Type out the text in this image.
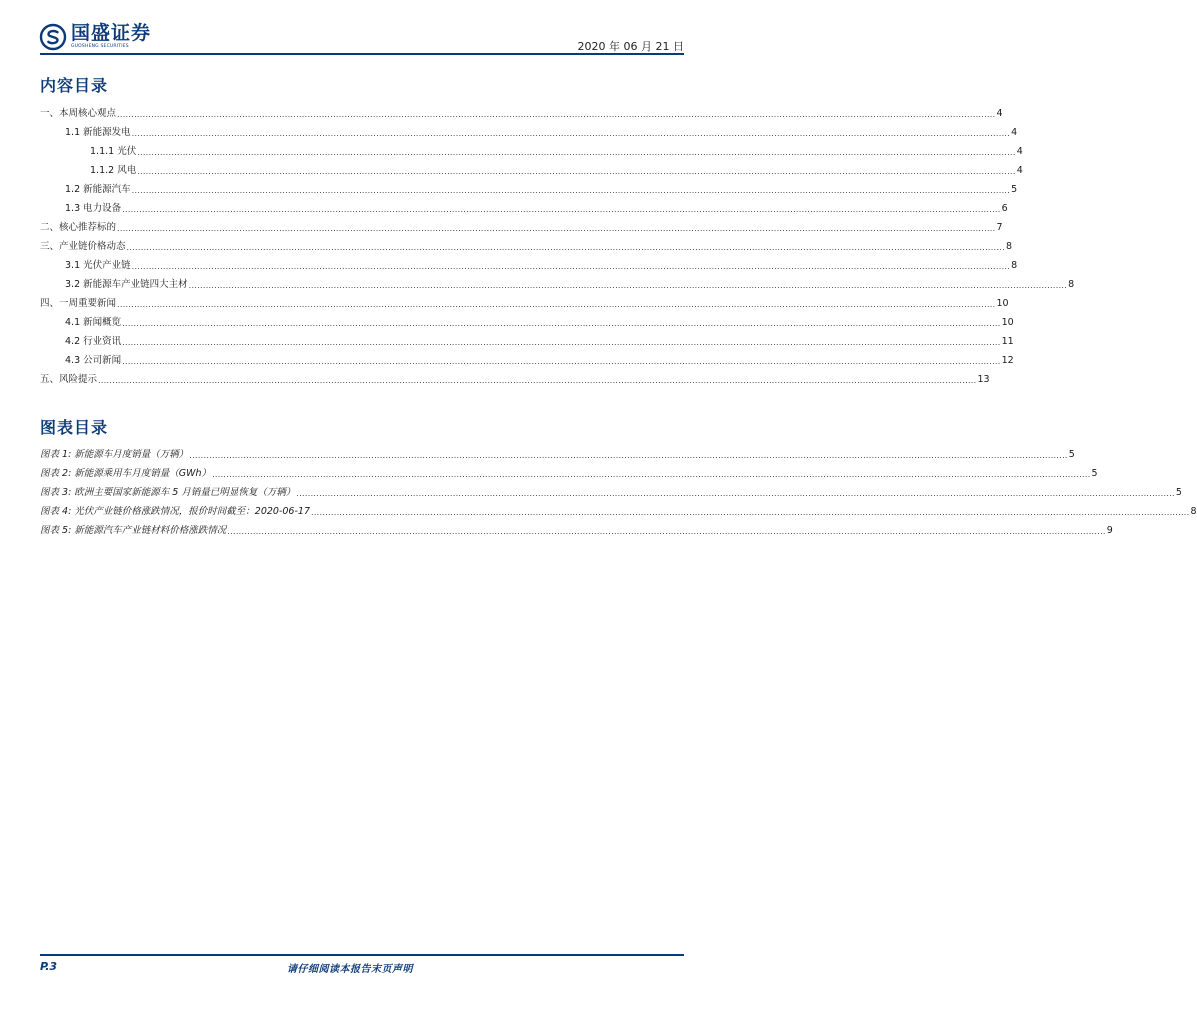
国盛证券
GUOSHENG SECURITIES	2020 年 06 月 21 日
内容目录
一、本周核心观点 ..................................................................................................................................................................................................................................................................................................................... 4
1.1 新能源发电 ..................................................................................................................................................................................................................................................................................................................... 4
1.1.1 光伏 ..................................................................................................................................................................................................................................................................................................................... 4
1.1.2 风电 ..................................................................................................................................................................................................................................................................................................................... 4
1.2 新能源汽车 ..................................................................................................................................................................................................................................................................................................................... 5
1.3 电力设备 ..................................................................................................................................................................................................................................................................................................................... 6
二、核心推荐标的 ..................................................................................................................................................................................................................................................................................................................... 7
三、产业链价格动态 ..................................................................................................................................................................................................................................................................................................................... 8
3.1 光伏产业链 ..................................................................................................................................................................................................................................................................................................................... 8
3.2 新能源车产业链四大主材 ..................................................................................................................................................................................................................................................................................................................... 8
四、一周重要新闻 ..................................................................................................................................................................................................................................................................................................................... 10
4.1 新闻概览 ..................................................................................................................................................................................................................................................................................................................... 10
4.2 行业资讯 ..................................................................................................................................................................................................................................................................................................................... 11
4.3 公司新闻 ..................................................................................................................................................................................................................................................................................................................... 12
五、风险提示 ..................................................................................................................................................................................................................................................................................................................... 13
图表目录
图表 1: 新能源车月度销量（万辆） ..................................................................................................................................................................................................................................................................................................................... 5
图表 2: 新能源乘用车月度销量（GWh） ..................................................................................................................................................................................................................................................................................................................... 5
图表 3: 欧洲主要国家新能源车 5 月销量已明显恢复（万辆） ..................................................................................................................................................................................................................................................................................................................... 5
图表 4: 光伏产业链价格涨跌情况，报价时间截至：2020-06-17 ..................................................................................................................................................................................................................................................................................................................... 8
图表 5: 新能源汽车产业链材料价格涨跌情况 ..................................................................................................................................................................................................................................................................................................................... 9
P.3	请仔细阅读本报告末页声明
